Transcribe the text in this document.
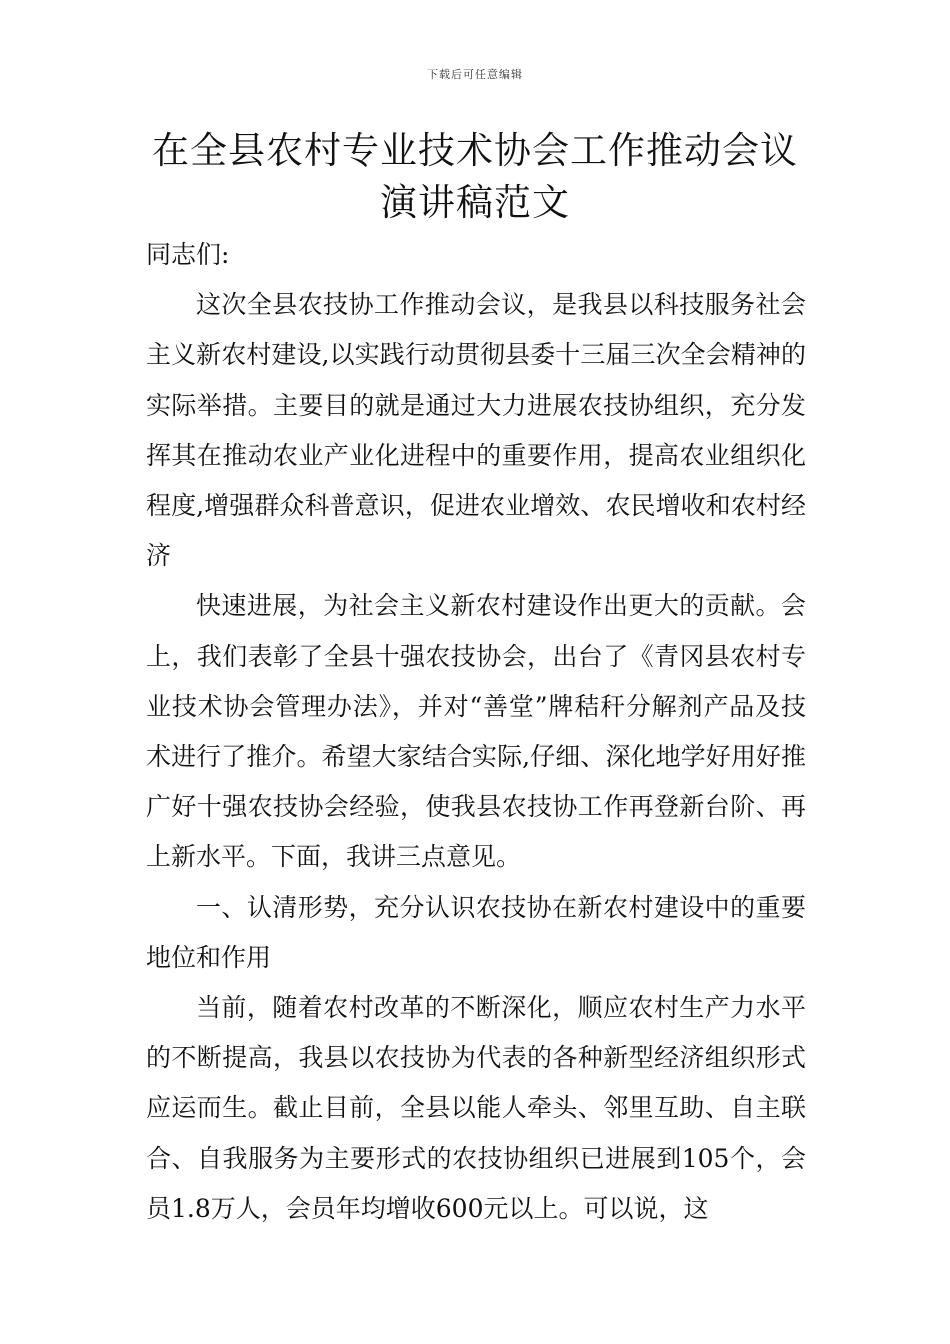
下载后可任意编辑
在全县农村专业技术协会工作推动会议演讲稿范文

同志们:

这次全县农技协工作推动会议，是我县以科技服务社会主义新农村建设,以实践行动贯彻县委十三届三次全会精神的实际举措。主要目的就是通过大力进展农技协组织，充分发挥其在推动农业产业化进程中的重要作用，提高农业组织化程度,增强群众科普意识，促进农业增效、农民增收和农村经济

快速进展，为社会主义新农村建设作出更大的贡献。会上，我们表彰了全县十强农技协会，出台了《青冈县农村专业技术协会管理办法》，并对“善堂”牌秸秆分解剂产品及技术进行了推介。希望大家结合实际,仔细、深化地学好用好推广好十强农技协会经验，使我县农技协工作再登新台阶、再上新水平。下面，我讲三点意见。

一、认清形势，充分认识农技协在新农村建设中的重要地位和作用

当前，随着农村改革的不断深化，顺应农村生产力水平的不断提高，我县以农技协为代表的各种新型经济组织形式应运而生。截止目前，全县以能人牵头、邻里互助、自主联合、自我服务为主要形式的农技协组织已进展到105个，会员1.8万人，会员年均增收600元以上。可以说，这
